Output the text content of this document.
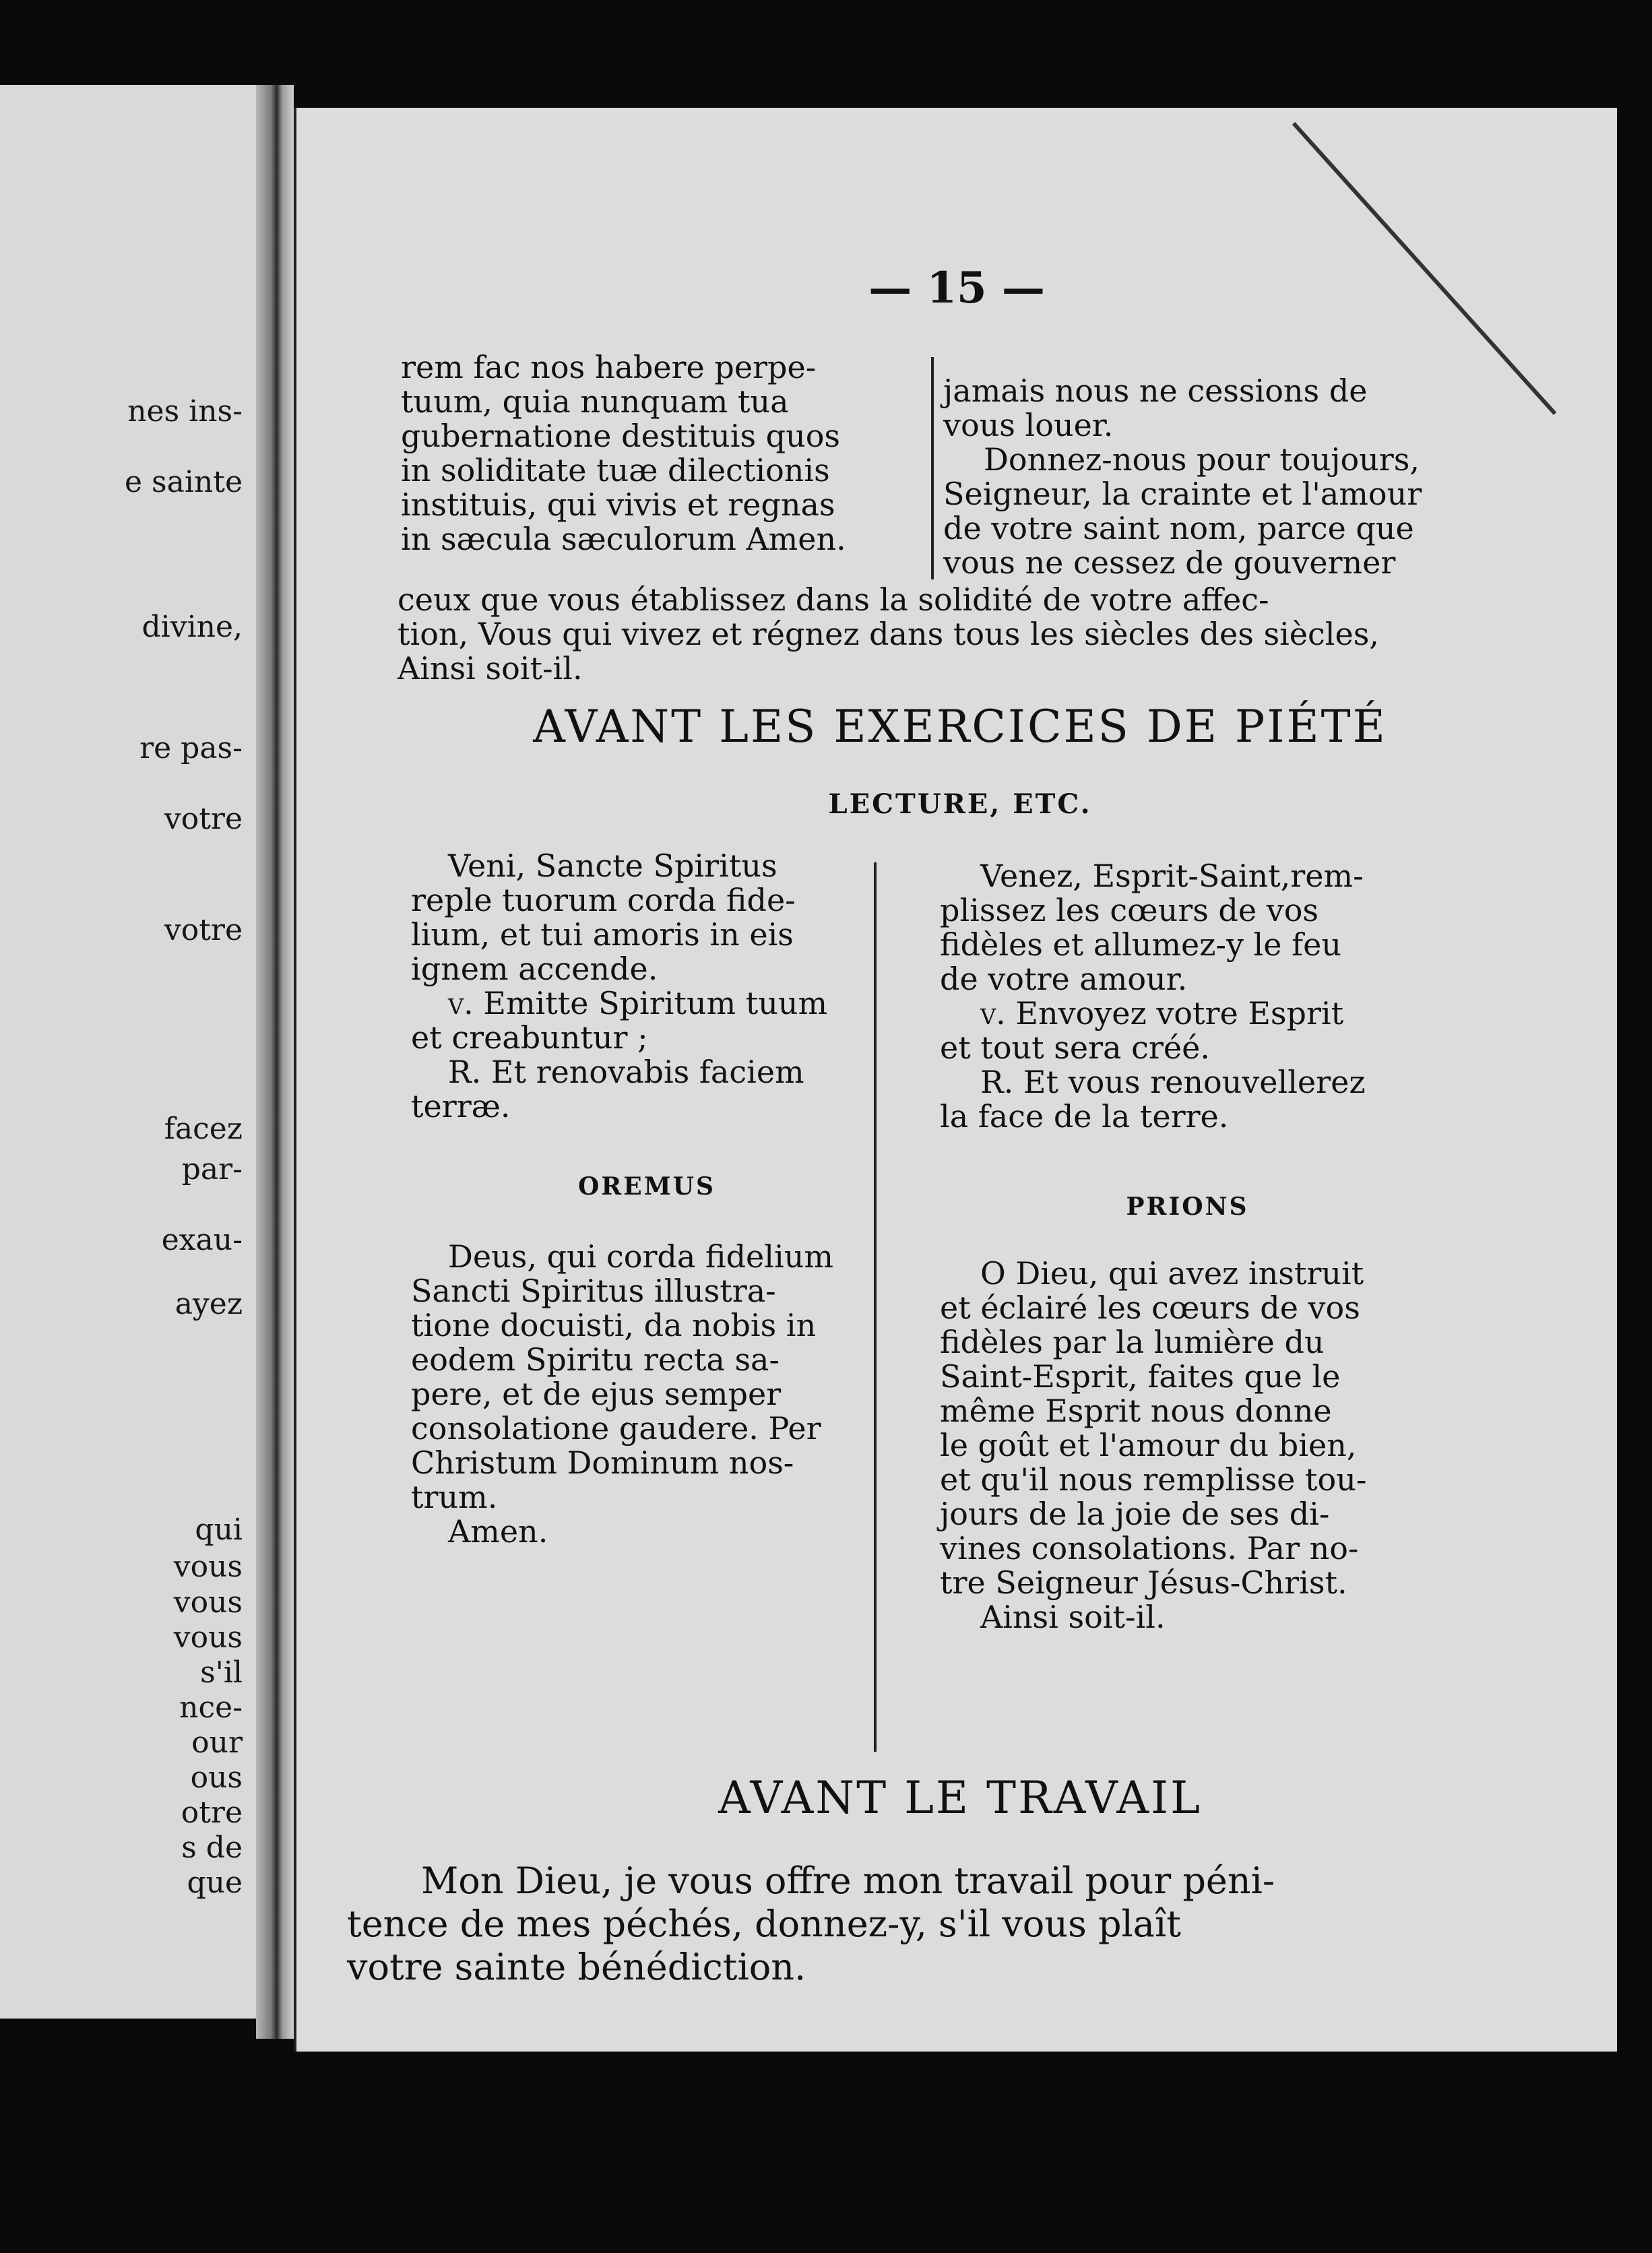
nes ins-
e sainte
divine,
re pas-
votre
votre
facez
par-
exau-
ayez
qui
vous
vous
vous
s'il
nce-
our
ous
otre
s de
que
— 15 —

rem fac nos habere perpe-

tuum, quia nunquam tua

gubernatione destituis quos

in soliditate tuæ dilectionis

instituis, qui vivis et regnas

in sæcula sæculorum Amen.

jamais nous ne cessions de

vous louer.

Donnez-nous pour toujours,

Seigneur, la crainte et l'amour

de votre saint nom, parce que

vous ne cessez de gouverner

ceux que vous établissez dans la solidité de votre affec-

tion, Vous qui vivez et régnez dans tous les siècles des siècles,

Ainsi soit-il.

AVANT LES EXERCICES DE PIÉTÉ
LECTURE, ETC.

Veni, Sancte Spiritus

reple tuorum corda fide-

lium, et tui amoris in eis

ignem accende.

v. Emitte Spiritum tuum

et creabuntur ;

R. Et renovabis faciem

terræ.

OREMUS

Deus, qui corda fidelium

Sancti Spiritus illustra-

tione docuisti, da nobis in

eodem Spiritu recta sa-

pere, et de ejus semper

consolatione gaudere. Per

Christum Dominum nos-

trum.

Amen.

Venez, Esprit-Saint,rem-

plissez les cœurs de vos

fidèles et allumez-y le feu

de votre amour.

v. Envoyez votre Esprit

et tout sera créé.

R. Et vous renouvellerez

la face de la terre.

PRIONS

O Dieu, qui avez instruit

et éclairé les cœurs de vos

fidèles par la lumière du

Saint-Esprit, faites que le

même Esprit nous donne

le goût et l'amour du bien,

et qu'il nous remplisse tou-

jours de la joie de ses di-

vines consolations. Par no-

tre Seigneur Jésus-Christ.

Ainsi soit-il.

AVANT LE TRAVAIL

Mon Dieu, je vous offre mon travail pour péni-

tence de mes péchés, donnez-y, s'il vous plaît

votre sainte bénédiction.
